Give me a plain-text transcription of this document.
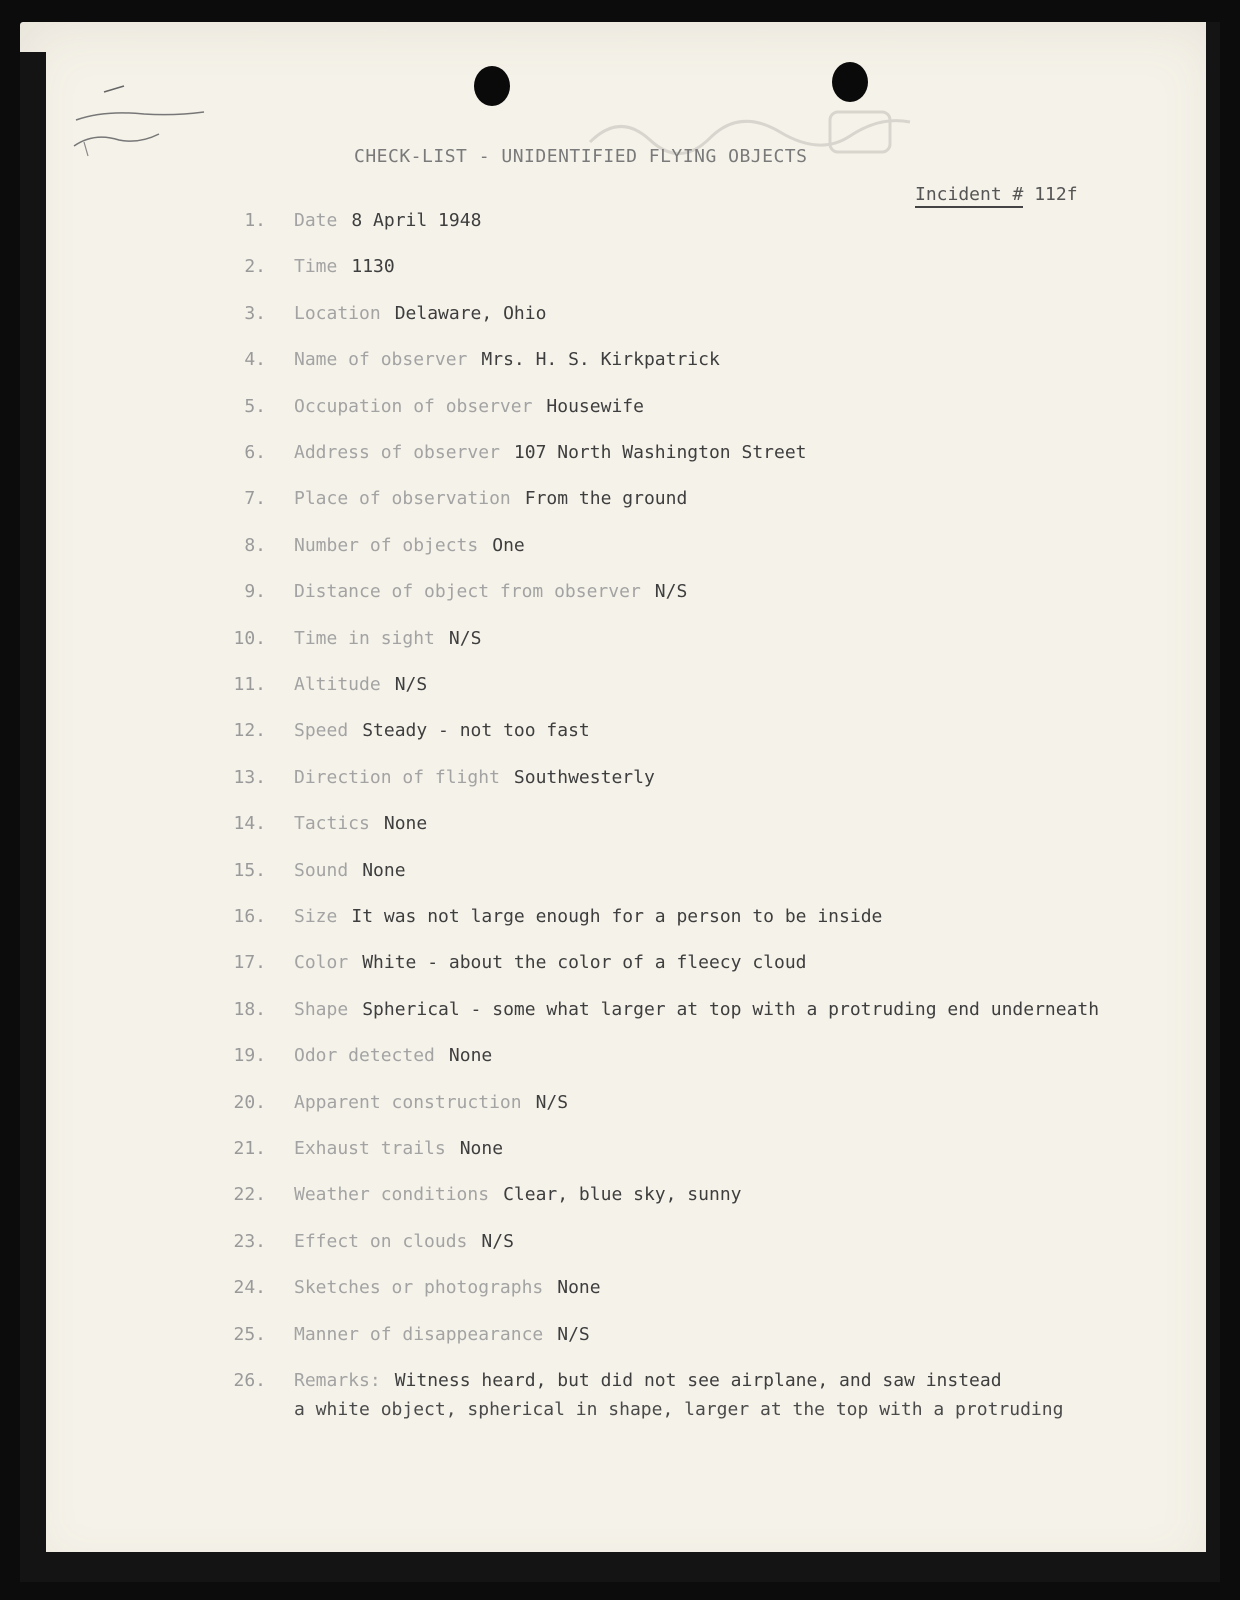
CHECK-LIST - UNIDENTIFIED FLYING OBJECTS
Incident # 112f
1. Date 8 April 1948
2. Time 1130
3. Location Delaware, Ohio
4. Name of observer Mrs. H. S. Kirkpatrick
5. Occupation of observer Housewife
6. Address of observer 107 North Washington Street
7. Place of observation From the ground
8. Number of objects One
9. Distance of object from observer N/S
10. Time in sight N/S
11. Altitude N/S
12. Speed Steady - not too fast
13. Direction of flight Southwesterly
14. Tactics None
15. Sound None
16. Size It was not large enough for a person to be inside
17. Color White - about the color of a fleecy cloud
18. Shape Spherical - some what larger at top with a protruding end underneath
19. Odor detected None
20. Apparent construction N/S
21. Exhaust trails None
22. Weather conditions Clear, blue sky, sunny
23. Effect on clouds N/S
24. Sketches or photographs None
25. Manner of disappearance N/S
26. Remarks: Witness heard, but did not see airplane, and saw instead
a white object, spherical in shape, larger at the top with a protruding
